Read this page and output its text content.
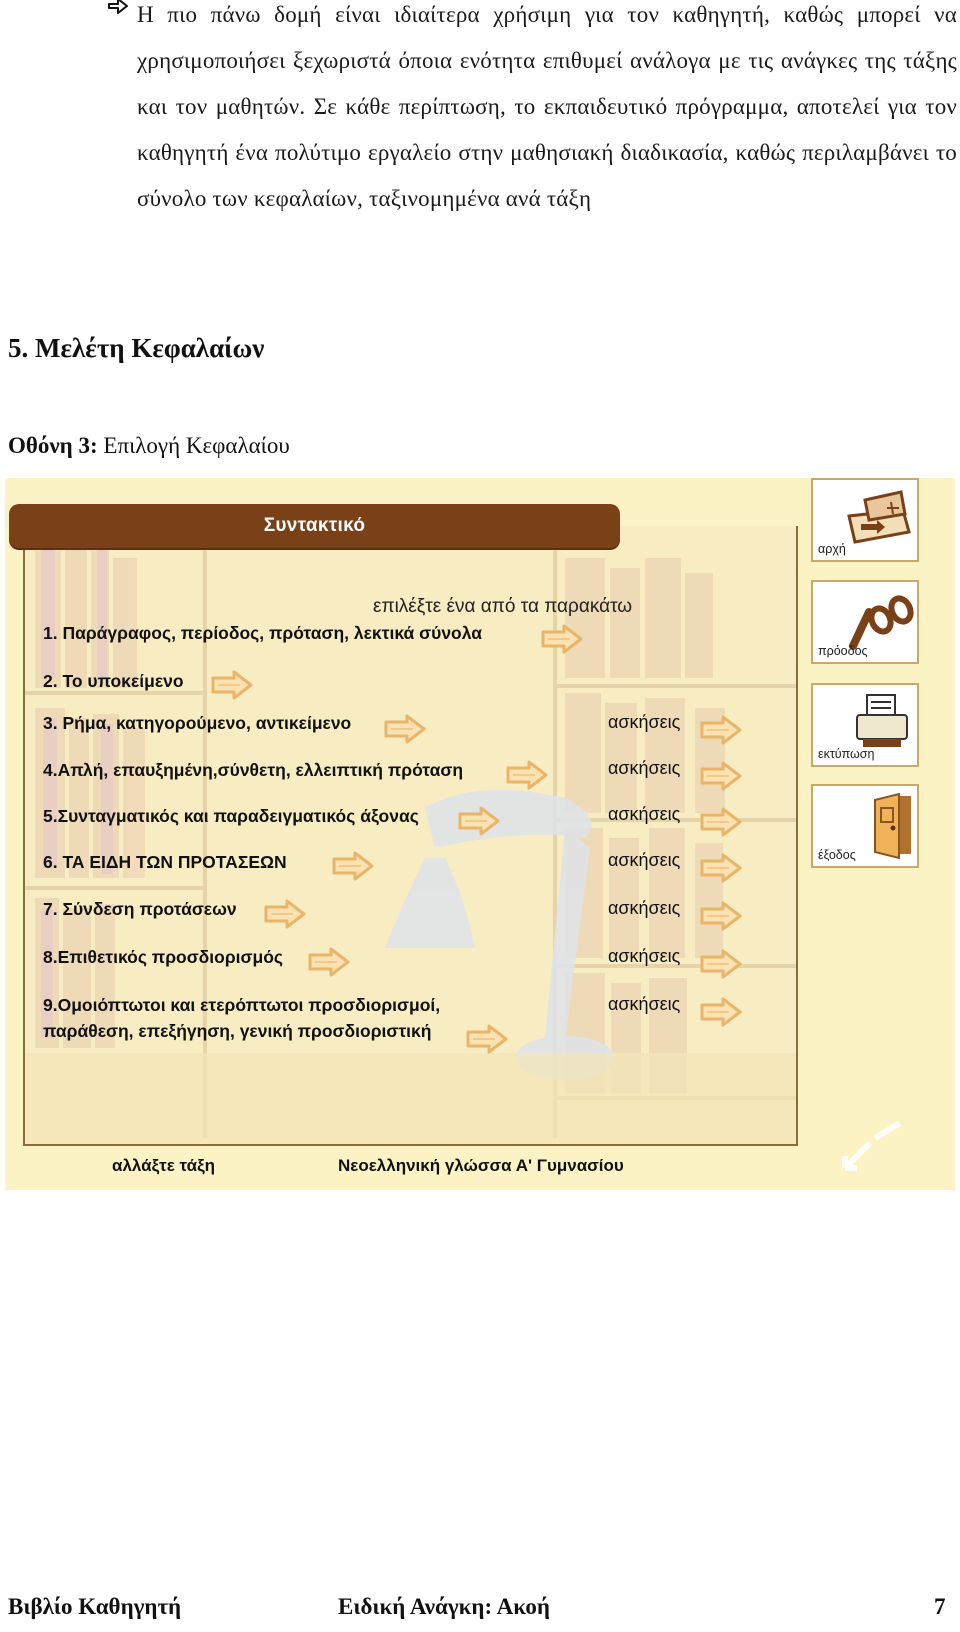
Η πιο πάνω δομή είναι ιδιαίτερα χρήσιμη για τον καθηγητή, καθώς μπορεί να χρησιμοποιήσει ξεχωριστά όποια ενότητα επιθυμεί ανάλογα με τις ανάγκες της τάξης και τον μαθητών. Σε κάθε περίπτωση, το εκπαιδευτικό πρόγραμμα, αποτελεί για τον καθηγητή ένα πολύτιμο εργαλείο στην μαθησιακή διαδικασία, καθώς περιλαμβάνει το σύνολο των κεφαλαίων, ταξινομημένα ανά τάξη

5. Μελέτη Κεφαλαίων
Οθόνη 3: Επιλογή Κεφαλαίου
Συντακτικό
επιλέξτε ένα από τα παρακάτω
1. Παράγραφος, περίοδος, πρόταση, λεκτικά σύνολα
2. Το υποκείμενο
3. Ρήμα, κατηγορούμενο, αντικείμενο
4.Απλή, επαυξημένη,σύνθετη, ελλειπτική πρόταση
5.Συνταγματικός και παραδειγματικός άξονας
6. ΤΑ ΕΙΔΗ ΤΩΝ ΠΡΟΤΑΣΕΩΝ
7. Σύνδεση προτάσεων
8.Επιθετικός προσδιορισμός
9.Ομοιόπτωτοι και ετερόπτωτοι προσδιορισμοί,
παράθεση, επεξήγηση, γενική προσδιοριστική
ασκήσεις
ασκήσεις
ασκήσεις
ασκήσεις
ασκήσεις
ασκήσεις
ασκήσεις
αρχή
πρόοδος
εκτύπωση
έξοδος
αλλάξτε τάξη	Νεοελληνική γλώσσα Α' Γυμνασίου
Βιβλίο Καθηγητή	Ειδική Ανάγκη: Ακοή	7
